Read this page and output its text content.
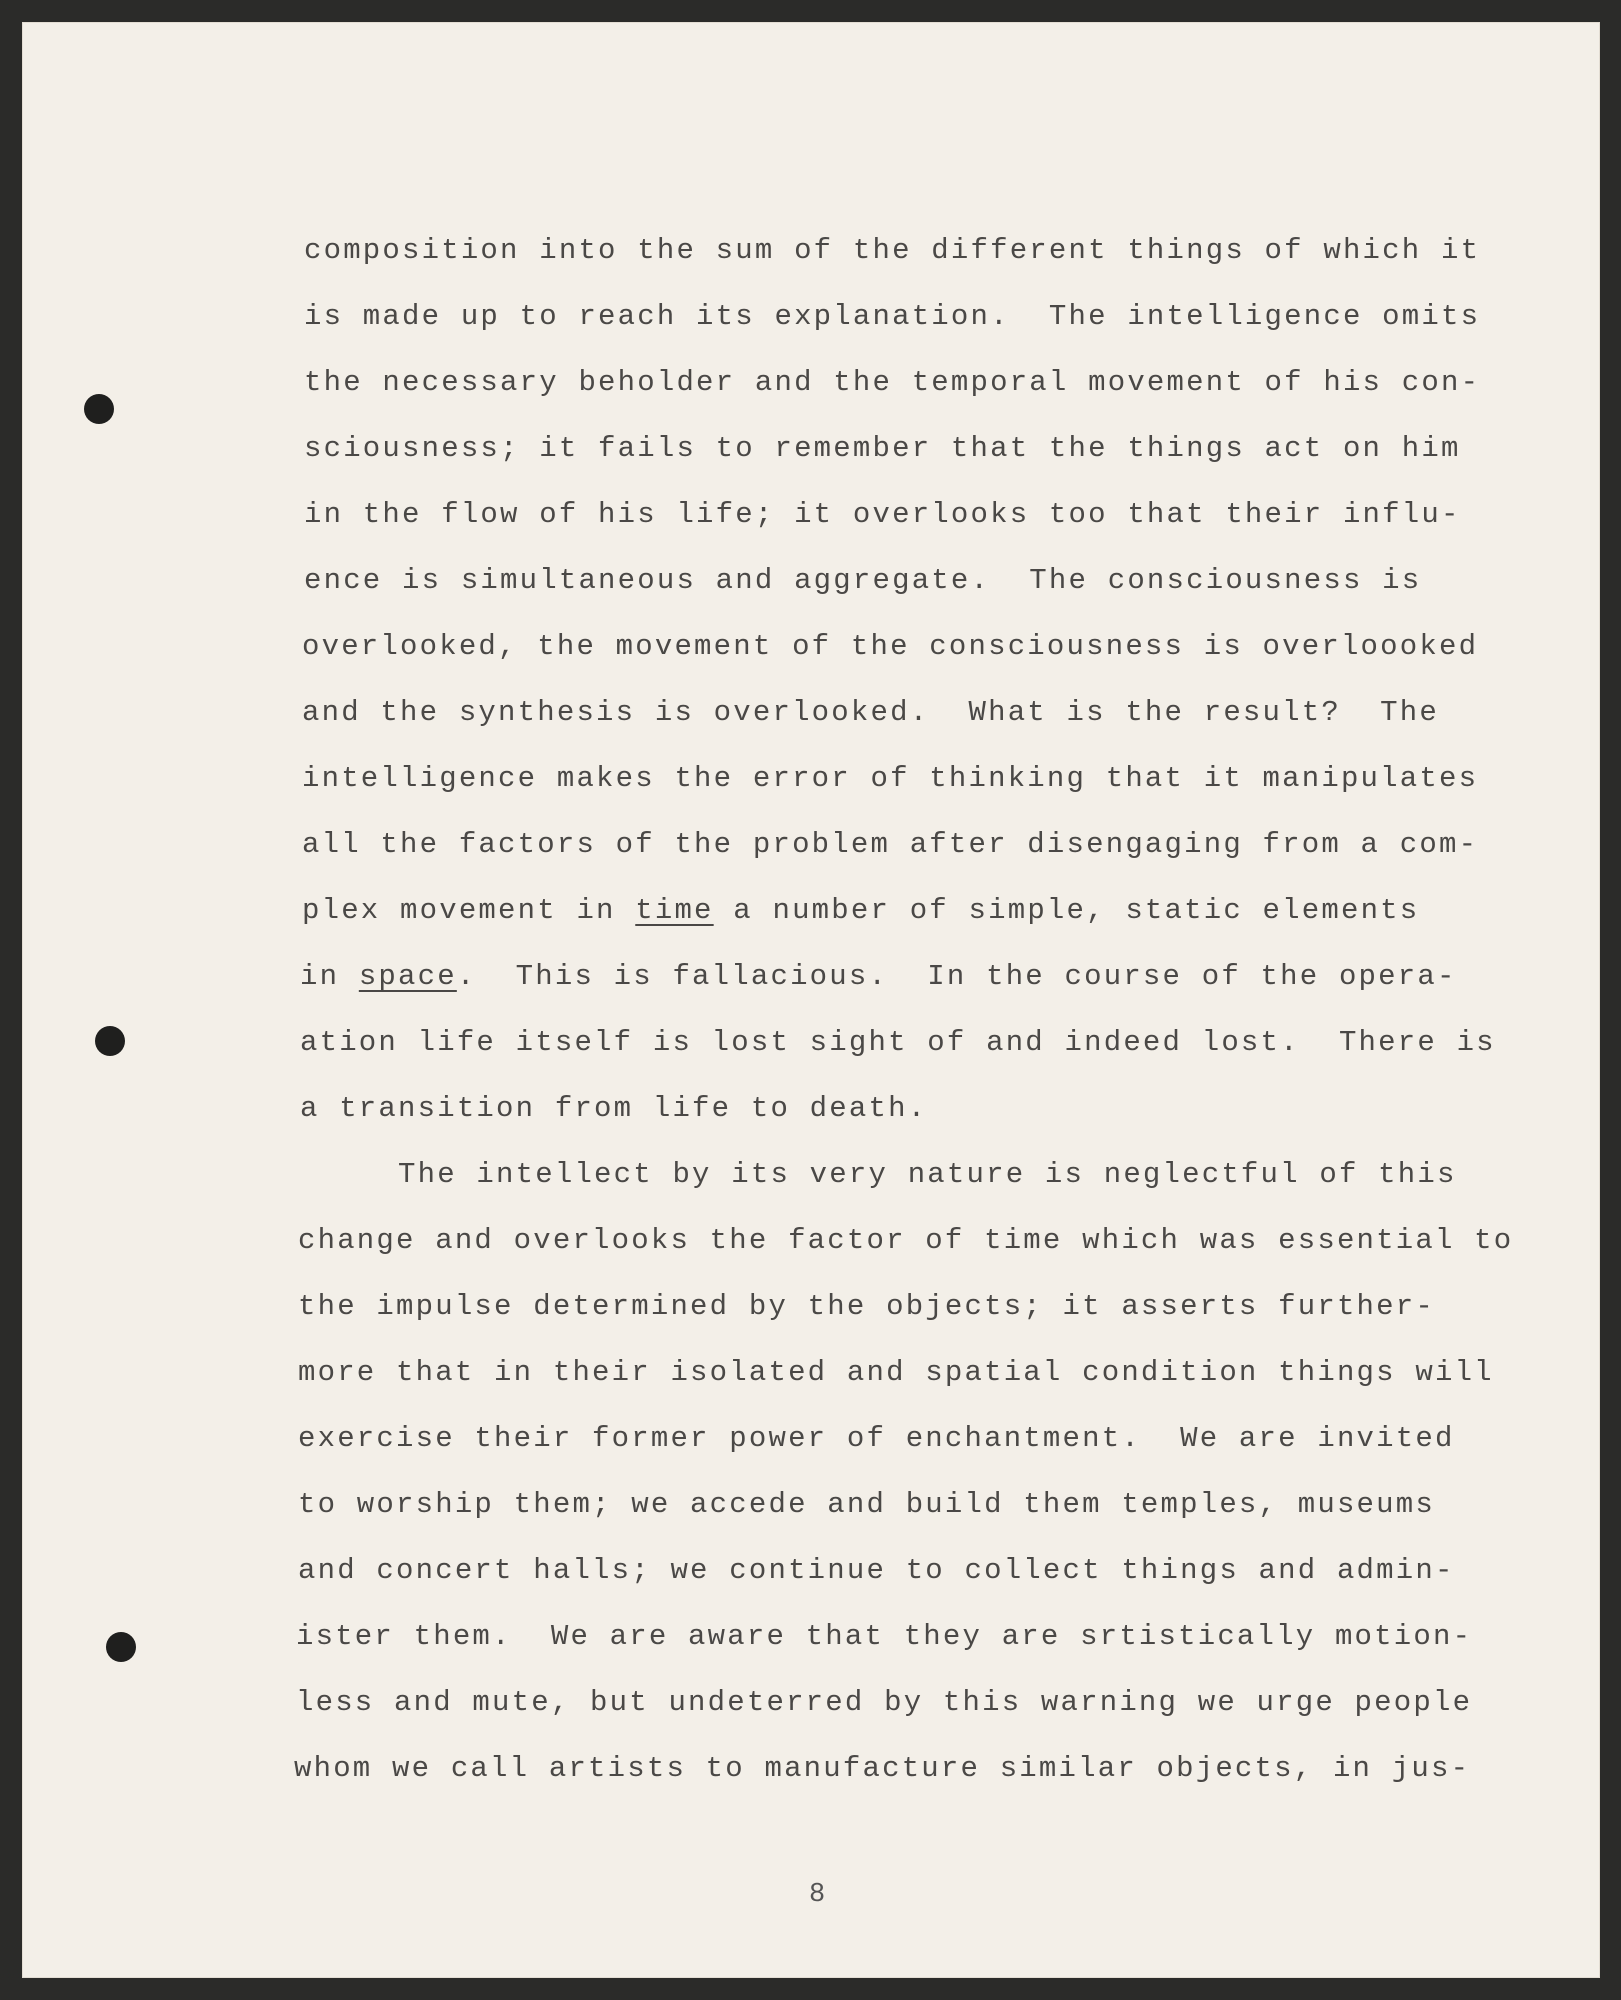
composition into the sum of the different things of which it
is made up to reach its explanation.  The intelligence omits
the necessary beholder and the temporal movement of his con-
sciousness; it fails to remember that the things act on him
in the flow of his life; it overlooks too that their influ-
ence is simultaneous and aggregate.  The consciousness is
overlooked, the movement of the consciousness is overloooked
and the synthesis is overlooked.  What is the result?  The
intelligence makes the error of thinking that it manipulates
all the factors of the problem after disengaging from a com-
plex movement in time a number of simple, static elements
in space.  This is fallacious.  In the course of the opera-
ation life itself is lost sight of and indeed lost.  There is
a transition from life to death.
The intellect by its very nature is neglectful of this
change and overlooks the factor of time which was essential to
the impulse determined by the objects; it asserts further-
more that in their isolated and spatial condition things will
exercise their former power of enchantment.  We are invited
to worship them; we accede and build them temples, museums
and concert halls; we continue to collect things and admin-
ister them.  We are aware that they are srtistically motion-
less and mute, but undeterred by this warning we urge people
whom we call artists to manufacture similar objects, in jus-
8
